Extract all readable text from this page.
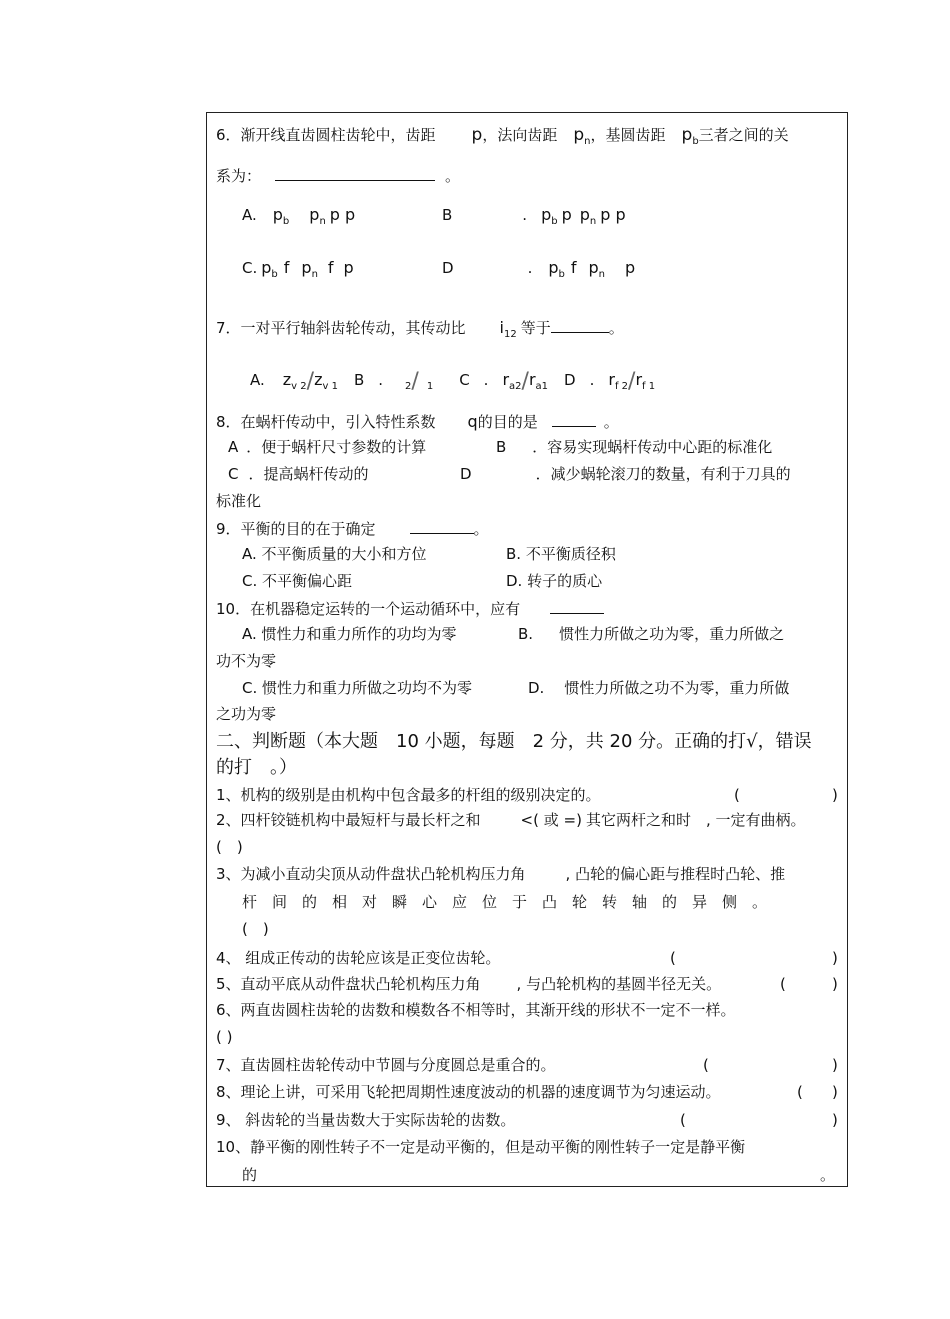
6．渐开线直齿圆柱齿轮中，齿距 p，法向齿距 $p_n$，基圆齿距 $p_b$三者之间的关
系为：	。
A. $p_b$ $p_n$ p p	B	. $p_b$ p $p_n$ p p
C. $p_b$ f $p_n$ f p	D	. $p_b$ f $p_n$ p
7．一对平行轴斜齿轮传动，其传动比 $i_{12}$ 等于	。
A. $z_{v 2}/z_{v 1}$ B . $_2$/ $_1$ C . $r_{a2}/r_{a1}$ D . $r_{f 2}/r_{f 1}$
8．在蜗杆传动中，引入特性系数 q的目的是	。
A ．便于蜗杆尺寸参数的计算	B ．容易实现蜗杆传动中心距的标准化
C ．提高蜗杆传动的	D	．减少蜗轮滚刀的数量，有利于刀具的
标准化
9．平衡的目的在于确定	。
A. 不平衡质量的大小和方位	B. 不平衡质径积
C. 不平衡偏心距	D. 转子的质心
10．在机器稳定运转的一个运动循环中，应有
A. 惯性力和重力所作的功均为零	B. 惯性力所做之功为零，重力所做之
功不为零
C. 惯性力和重力所做之功均不为零	D. 惯性力所做之功不为零，重力所做
之功为零
二、判断题（本大题　10 小题，每题　2 分，共 20 分。正确的打√，错误
的打　。）
1、机构的级别是由机构中包含最多的杆组的级别决定的。	(	)
2、四杆铰链机构中最短杆与最长杆之和	<( 或 =) 其它两杆之和时　, 一定有曲柄。
(　)
3、为减小直动尖顶从动件盘状凸轮机构压力角	, 凸轮的偏心距与推程时凸轮、推
杆　间　的　相　对　瞬　心　应　位　于　凸　轮　转　轴　的　异　侧　。
(　)
4、 组成正传动的齿轮应该是正变位齿轮。	(	)
5、直动平底从动件盘状凸轮机构压力角 , 与凸轮机构的基圆半径无关。	(	)
6、两直齿圆柱齿轮的齿数和模数各不相等时，其渐开线的形状不一定不一样。
( )
7、直齿圆柱齿轮传动中节圆与分度圆总是重合的。	(	)
8、理论上讲，可采用飞轮把周期性速度波动的机器的速度调节为匀速运动。	( )
9、 斜齿轮的当量齿数大于实际齿轮的齿数。	(	)
10、静平衡的刚性转子不一定是动平衡的，但是动平衡的刚性转子一定是静平衡
的	。
